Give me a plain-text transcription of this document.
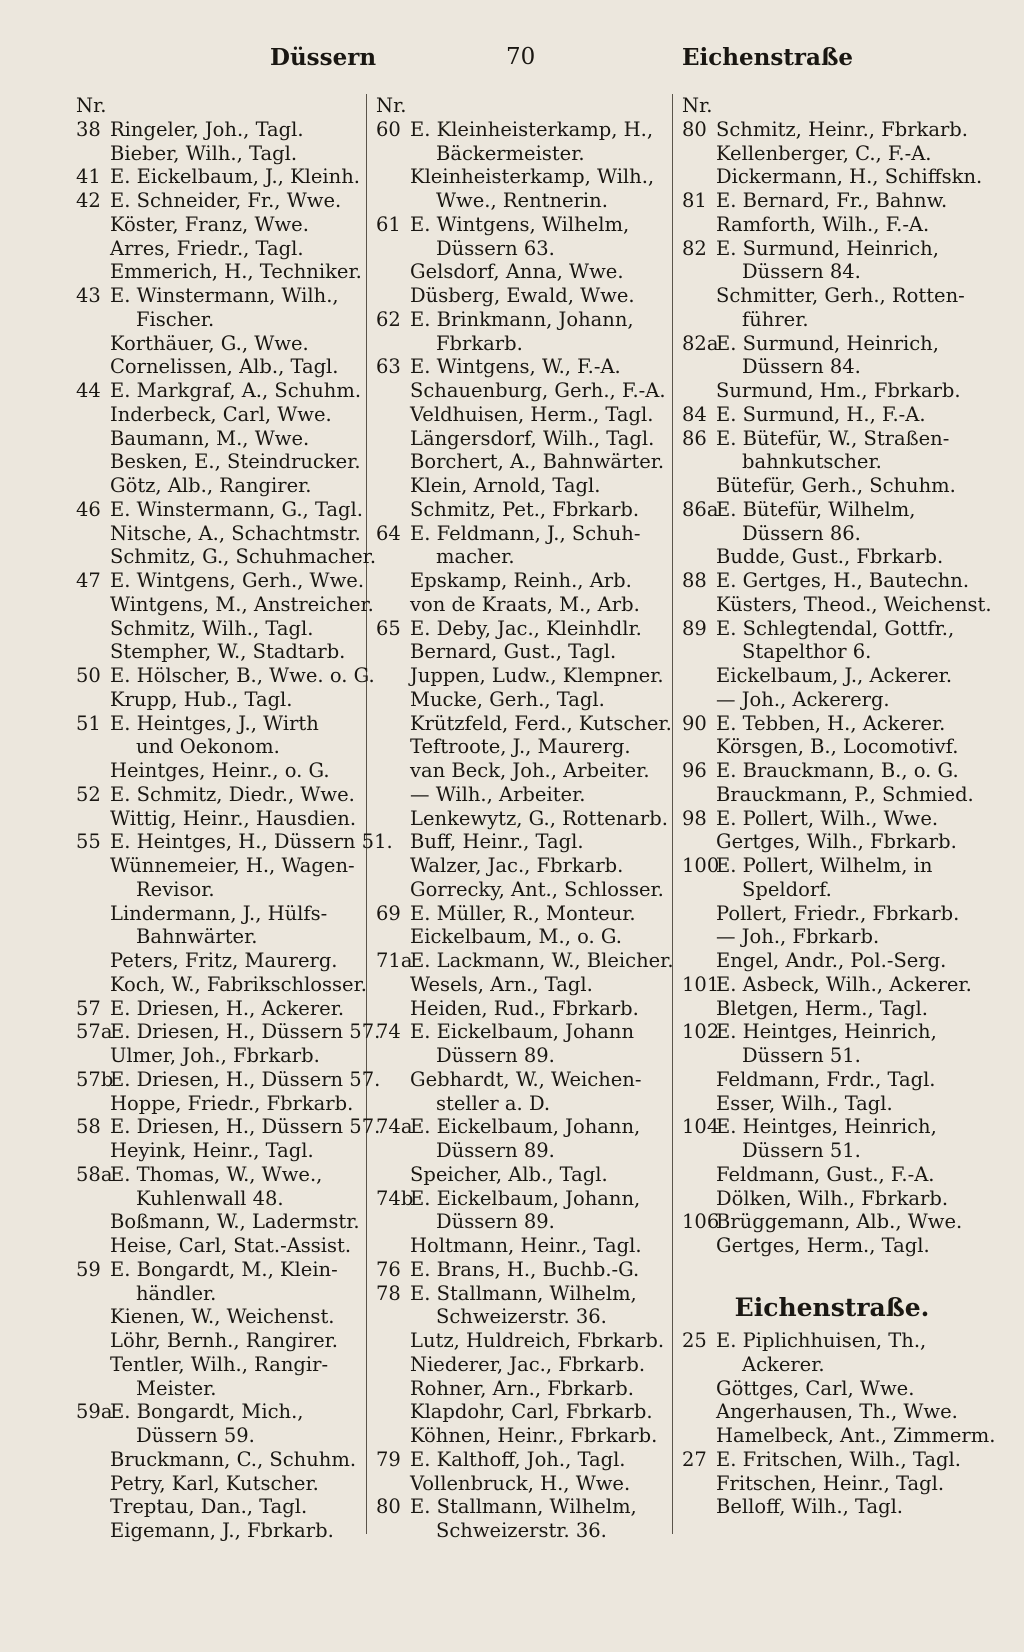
Düssern	70	Eichenstraße
Nr.
38 Ringeler, Joh., Tagl.
Bieber, Wilh., Tagl.
41 E. Eickelbaum, J., Kleinh.
42 E. Schneider, Fr., Wwe.
Köster, Franz, Wwe.
Arres, Friedr., Tagl.
Emmerich, H., Techniker.
43 E. Winstermann, Wilh.,
Fischer.
Korthäuer, G., Wwe.
Cornelissen, Alb., Tagl.
44 E. Markgraf, A., Schuhm.
Inderbeck, Carl, Wwe.
Baumann, M., Wwe.
Besken, E., Steindrucker.
Götz, Alb., Rangirer.
46 E. Winstermann, G., Tagl.
Nitsche, A., Schachtmstr.
Schmitz, G., Schuhmacher.
47 E. Wintgens, Gerh., Wwe.
Wintgens, M., Anstreicher.
Schmitz, Wilh., Tagl.
Stempher, W., Stadtarb.
50 E. Hölscher, B., Wwe. o. G.
Krupp, Hub., Tagl.
51 E. Heintges, J., Wirth
und Oekonom.
Heintges, Heinr., o. G.
52 E. Schmitz, Diedr., Wwe.
Wittig, Heinr., Hausdien.
55 E. Heintges, H., Düssern 51.
Wünnemeier, H., Wagen-
Revisor.
Lindermann, J., Hülfs-
Bahnwärter.
Peters, Fritz, Maurerg.
Koch, W., Fabrikschlosser.
57 E. Driesen, H., Ackerer.
57aE. Driesen, H., Düssern 57.
Ulmer, Joh., Fbrkarb.
57bE. Driesen, H., Düssern 57.
Hoppe, Friedr., Fbrkarb.
58 E. Driesen, H., Düssern 57.
Heyink, Heinr., Tagl.
58aE. Thomas, W., Wwe.,
Kuhlenwall 48.
Boßmann, W., Ladermstr.
Heise, Carl, Stat.-Assist.
59 E. Bongardt, M., Klein-
händler.
Kienen, W., Weichenst.
Löhr, Bernh., Rangirer.
Tentler, Wilh., Rangir-
Meister.
59aE. Bongardt, Mich.,
Düssern 59.
Bruckmann, C., Schuhm.
Petry, Karl, Kutscher.
Treptau, Dan., Tagl.
Eigemann, J., Fbrkarb.
Nr.
60 E. Kleinheisterkamp, H.,
Bäckermeister.
Kleinheisterkamp, Wilh.,
Wwe., Rentnerin.
61 E. Wintgens, Wilhelm,
Düssern 63.
Gelsdorf, Anna, Wwe.
Düsberg, Ewald, Wwe.
62 E. Brinkmann, Johann,
Fbrkarb.
63 E. Wintgens, W., F.-A.
Schauenburg, Gerh., F.-A.
Veldhuisen, Herm., Tagl.
Längersdorf, Wilh., Tagl.
Borchert, A., Bahnwärter.
Klein, Arnold, Tagl.
Schmitz, Pet., Fbrkarb.
64 E. Feldmann, J., Schuh-
macher.
Epskamp, Reinh., Arb.
von de Kraats, M., Arb.
65 E. Deby, Jac., Kleinhdlr.
Bernard, Gust., Tagl.
Juppen, Ludw., Klempner.
Mucke, Gerh., Tagl.
Krützfeld, Ferd., Kutscher.
Teftroote, J., Maurerg.
van Beck, Joh., Arbeiter.
— Wilh., Arbeiter.
Lenkewytz, G., Rottenarb.
Buff, Heinr., Tagl.
Walzer, Jac., Fbrkarb.
Gorrecky, Ant., Schlosser.
69 E. Müller, R., Monteur.
Eickelbaum, M., o. G.
71aE. Lackmann, W., Bleicher.
Wesels, Arn., Tagl.
Heiden, Rud., Fbrkarb.
74 E. Eickelbaum, Johann
Düssern 89.
Gebhardt, W., Weichen-
steller a. D.
74aE. Eickelbaum, Johann,
Düssern 89.
Speicher, Alb., Tagl.
74bE. Eickelbaum, Johann,
Düssern 89.
Holtmann, Heinr., Tagl.
76 E. Brans, H., Buchb.-G.
78 E. Stallmann, Wilhelm,
Schweizerstr. 36.
Lutz, Huldreich, Fbrkarb.
Niederer, Jac., Fbrkarb.
Rohner, Arn., Fbrkarb.
Klapdohr, Carl, Fbrkarb.
Köhnen, Heinr., Fbrkarb.
79 E. Kalthoff, Joh., Tagl.
Vollenbruck, H., Wwe.
80 E. Stallmann, Wilhelm,
Schweizerstr. 36.
Nr.
80 Schmitz, Heinr., Fbrkarb.
Kellenberger, C., F.-A.
Dickermann, H., Schiffskn.
81 E. Bernard, Fr., Bahnw.
Ramforth, Wilh., F.-A.
82 E. Surmund, Heinrich,
Düssern 84.
Schmitter, Gerh., Rotten-
führer.
82aE. Surmund, Heinrich,
Düssern 84.
Surmund, Hm., Fbrkarb.
84 E. Surmund, H., F.-A.
86 E. Bütefür, W., Straßen-
bahnkutscher.
Bütefür, Gerh., Schuhm.
86aE. Bütefür, Wilhelm,
Düssern 86.
Budde, Gust., Fbrkarb.
88 E. Gertges, H., Bautechn.
Küsters, Theod., Weichenst.
89 E. Schlegtendal, Gottfr.,
Stapelthor 6.
Eickelbaum, J., Ackerer.
— Joh., Ackererg.
90 E. Tebben, H., Ackerer.
Körsgen, B., Locomotivf.
96 E. Brauckmann, B., o. G.
Brauckmann, P., Schmied.
98 E. Pollert, Wilh., Wwe.
Gertges, Wilh., Fbrkarb.
100E. Pollert, Wilhelm, in
Speldorf.
Pollert, Friedr., Fbrkarb.
— Joh., Fbrkarb.
Engel, Andr., Pol.-Serg.
101E. Asbeck, Wilh., Ackerer.
Bletgen, Herm., Tagl.
102E. Heintges, Heinrich,
Düssern 51.
Feldmann, Frdr., Tagl.
Esser, Wilh., Tagl.
104E. Heintges, Heinrich,
Düssern 51.
Feldmann, Gust., F.-A.
Dölken, Wilh., Fbrkarb.
106Brüggemann, Alb., Wwe.
Gertges, Herm., Tagl.
Eichenstraße.
25 E. Piplichhuisen, Th.,
Ackerer.
Göttges, Carl, Wwe.
Angerhausen, Th., Wwe.
Hamelbeck, Ant., Zimmerm.
27 E. Fritschen, Wilh., Tagl.
Fritschen, Heinr., Tagl.
Belloff, Wilh., Tagl.
